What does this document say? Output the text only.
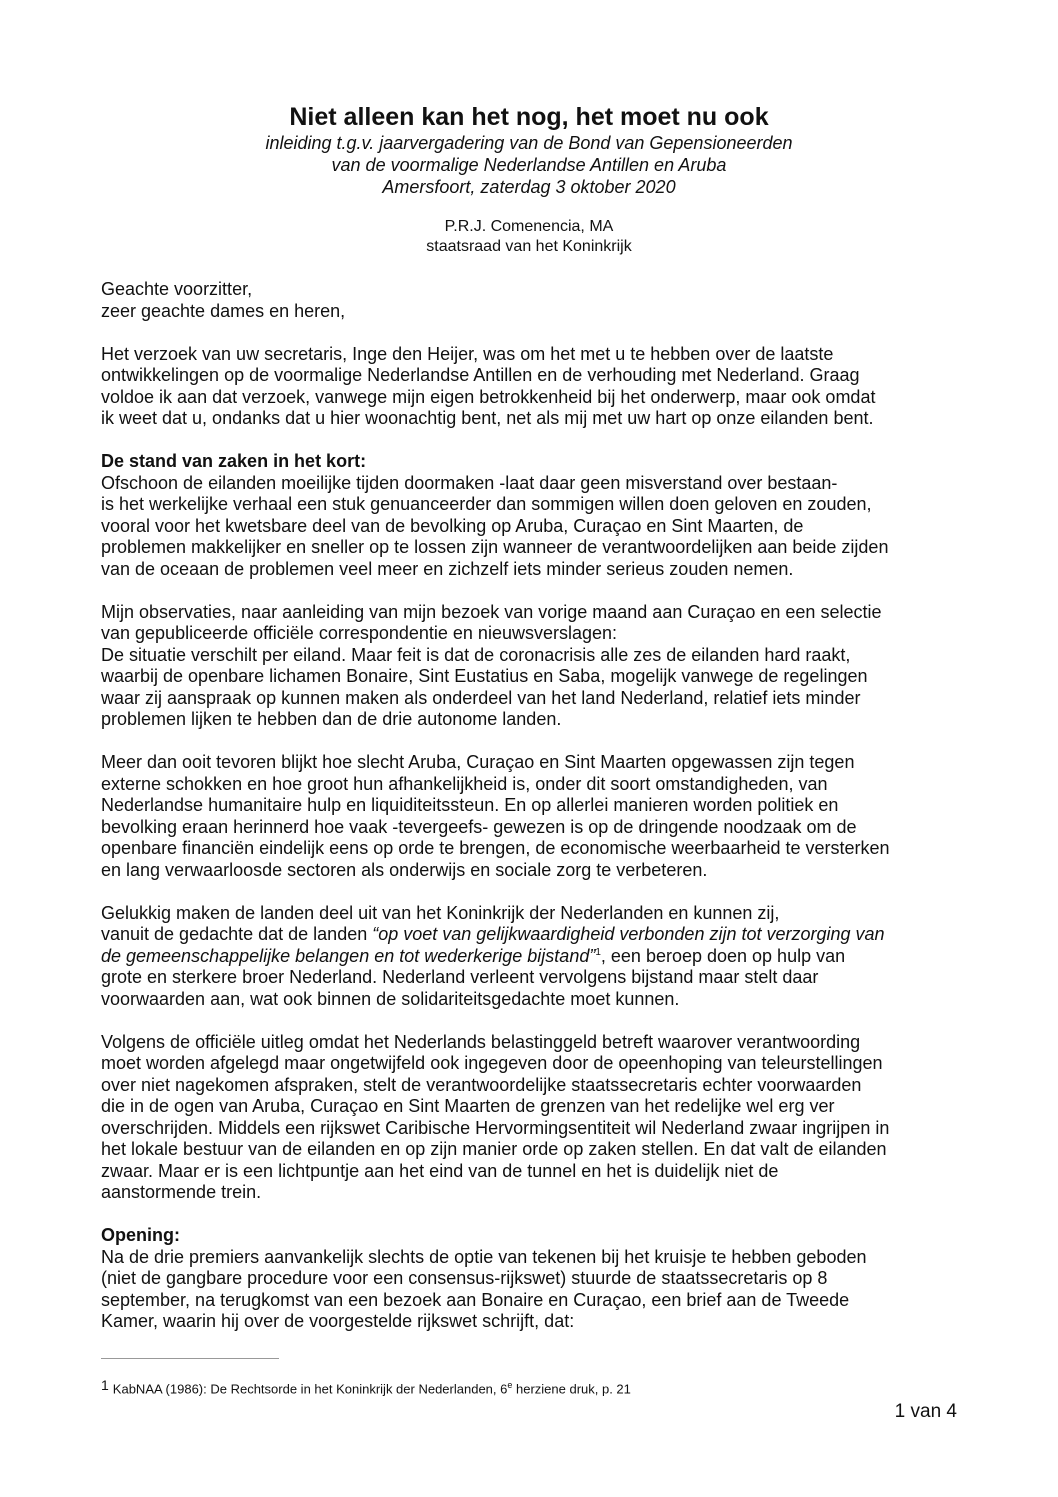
Niet alleen kan het nog, het moet nu ook
inleiding t.g.v. jaarvergadering van de Bond van Gepensioneerden
van de voormalige Nederlandse Antillen en Aruba
Amersfoort, zaterdag 3 oktober 2020
P.R.J. Comenencia, MA
staatsraad van het Koninkrijk

Geachte voorzitter,
zeer geachte dames en heren,

Het verzoek van uw secretaris, Inge den Heijer, was om het met u te hebben over de laatste
ontwikkelingen op de voormalige Nederlandse Antillen en de verhouding met Nederland. Graag
voldoe ik aan dat verzoek, vanwege mijn eigen betrokkenheid bij het onderwerp, maar ook omdat
ik weet dat u, ondanks dat u hier woonachtig bent, net als mij met uw hart op onze eilanden bent.

De stand van zaken in het kort:
Ofschoon de eilanden moeilijke tijden doormaken -laat daar geen misverstand over bestaan-
is het werkelijke verhaal een stuk genuanceerder dan sommigen willen doen geloven en zouden,
vooral voor het kwetsbare deel van de bevolking op Aruba, Curaçao en Sint Maarten, de
problemen makkelijker en sneller op te lossen zijn wanneer de verantwoordelijken aan beide zijden
van de oceaan de problemen veel meer en zichzelf iets minder serieus zouden nemen.

Mijn observaties, naar aanleiding van mijn bezoek van vorige maand aan Curaçao en een selectie
van gepubliceerde officiële correspondentie en nieuwsverslagen:
De situatie verschilt per eiland. Maar feit is dat de coronacrisis alle zes de eilanden hard raakt,
waarbij de openbare lichamen Bonaire, Sint Eustatius en Saba, mogelijk vanwege de regelingen
waar zij aanspraak op kunnen maken als onderdeel van het land Nederland, relatief iets minder
problemen lijken te hebben dan de drie autonome landen.

Meer dan ooit tevoren blijkt hoe slecht Aruba, Curaçao en Sint Maarten opgewassen zijn tegen
externe schokken en hoe groot hun afhankelijkheid is, onder dit soort omstandigheden, van
Nederlandse humanitaire hulp en liquiditeitssteun. En op allerlei manieren worden politiek en
bevolking eraan herinnerd hoe vaak -tevergeefs- gewezen is op de dringende noodzaak om de
openbare financiën eindelijk eens op orde te brengen, de economische weerbaarheid te versterken
en lang verwaarloosde sectoren als onderwijs en sociale zorg te verbeteren.

Gelukkig maken de landen deel uit van het Koninkrijk der Nederlanden en kunnen zij,
vanuit de gedachte dat de landen “op voet van gelijkwaardigheid verbonden zijn tot verzorging van
de gemeenschappelijke belangen en tot wederkerige bijstand”$^1$, een beroep doen op hulp van
grote en sterkere broer Nederland. Nederland verleent vervolgens bijstand maar stelt daar
voorwaarden aan, wat ook binnen de solidariteitsgedachte moet kunnen.

Volgens de officiële uitleg omdat het Nederlands belastinggeld betreft waarover verantwoording
moet worden afgelegd maar ongetwijfeld ook ingegeven door de opeenhoping van teleurstellingen
over niet nagekomen afspraken, stelt de verantwoordelijke staatssecretaris echter voorwaarden
die in de ogen van Aruba, Curaçao en Sint Maarten de grenzen van het redelijke wel erg ver
overschrijden. Middels een rijkswet Caribische Hervormingsentiteit wil Nederland zwaar ingrijpen in
het lokale bestuur van de eilanden en op zijn manier orde op zaken stellen. En dat valt de eilanden
zwaar. Maar er is een lichtpuntje aan het eind van de tunnel en het is duidelijk niet de
aanstormende trein.

Opening:
Na de drie premiers aanvankelijk slechts de optie van tekenen bij het kruisje te hebben geboden
(niet de gangbare procedure voor een consensus-rijkswet) stuurde de staatssecretaris op 8
september, na terugkomst van een bezoek aan Bonaire en Curaçao, een brief aan de Tweede
Kamer, waarin hij over de voorgestelde rijkswet schrijft, dat:

1 KabNAA (1986): De Rechtsorde in het Koninkrijk der Nederlanden, 6e herziene druk, p. 21
1 van 4
